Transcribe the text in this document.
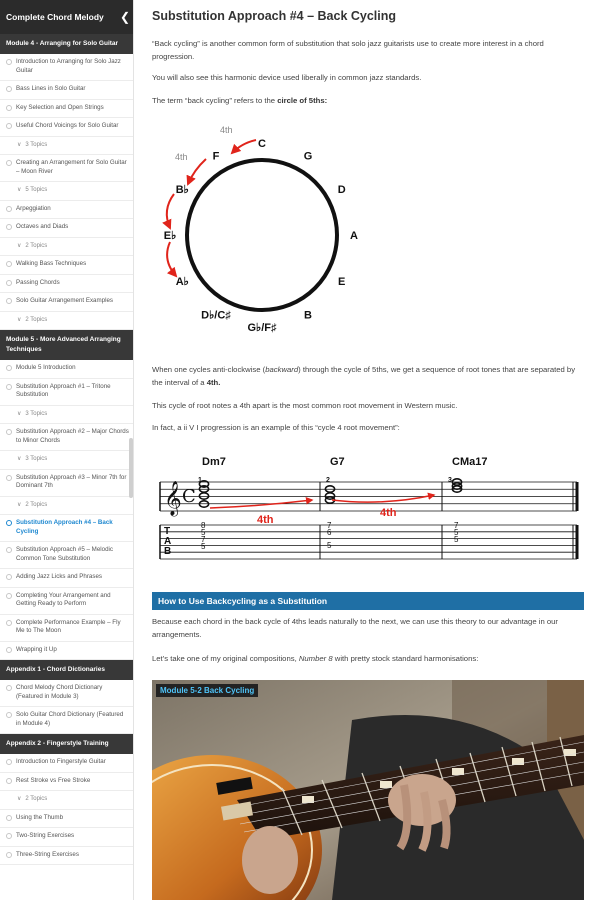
Complete Chord Melody ❮
Module 4 - Arranging for Solo Guitar
Introduction to Arranging for Solo Jazz Guitar
Bass Lines in Solo Guitar
Key Selection and Open Strings
Useful Chord Voicings for Solo Guitar
∨ 3 Topics
Creating an Arrangement for Solo Guitar – Moon River
∨ 5 Topics
Arpeggiation
Octaves and Diads
∨ 2 Topics
Walking Bass Techniques
Passing Chords
Solo Guitar Arrangement Examples
∨ 2 Topics
Module 5 - More Advanced Arranging Techniques
Module 5 Introduction
Substitution Approach #1 – Tritone Substitution
∨ 3 Topics
Substitution Approach #2 – Major Chords to Minor Chords
∨ 3 Topics
Substitution Approach #3 – Minor 7th for Dominant 7th
∨ 2 Topics
Substitution Approach #4 – Back Cycling
Substitution Approach #5 – Melodic Common Tone Substitution
Adding Jazz Licks and Phrases
Completing Your Arrangement and Getting Ready to Perform
Complete Performance Example – Fly Me to The Moon
Wrapping it Up
Appendix 1 - Chord Dictionaries
Chord Melody Chord Dictionary (Featured in Module 3)
Solo Guitar Chord Dictionary (Featured in Module 4)
Appendix 2 - Fingerstyle Training
Introduction to Fingerstyle Guitar
Rest Stroke vs Free Stroke
∨ 2 Topics
Using the Thumb
Two-String Exercises
Three-String Exercises
Substitution Approach #4 – Back Cycling

“Back cycling” is another common form of substitution that solo jazz guitarists use to create more interest in a chord progression.

You will also see this harmonic device used liberally in common jazz standards.

The term “back cycling” refers to the circle of 5ths:

C
G
D
A
E
B
G♭/F♯
D♭/C♯
A♭
E♭
B♭
F
4th
4th

When one cycles anti-clockwise (backward) through the cycle of 5ths, we get a sequence of root tones that are separated by the interval of a 4th.

This cycle of root notes a 4th apart is the most common root movement in Western music.

In fact, a ii V I progression is an example of this “cycle 4 root movement”:

𝄞 C
Dm7
1
G7
2
CMa17
3
4th
4th
T
A
B
8
5
7
5
7
6
5
7
5
5
How to Use Backcycling as a Substitution

Because each chord in the back cycle of 4ths leads naturally to the next, we can use this theory to our advantage in our arrangements.

Let’s take one of my original compositions, Number 8 with pretty stock standard harmonisations:

Module 5-2 Back Cycling
